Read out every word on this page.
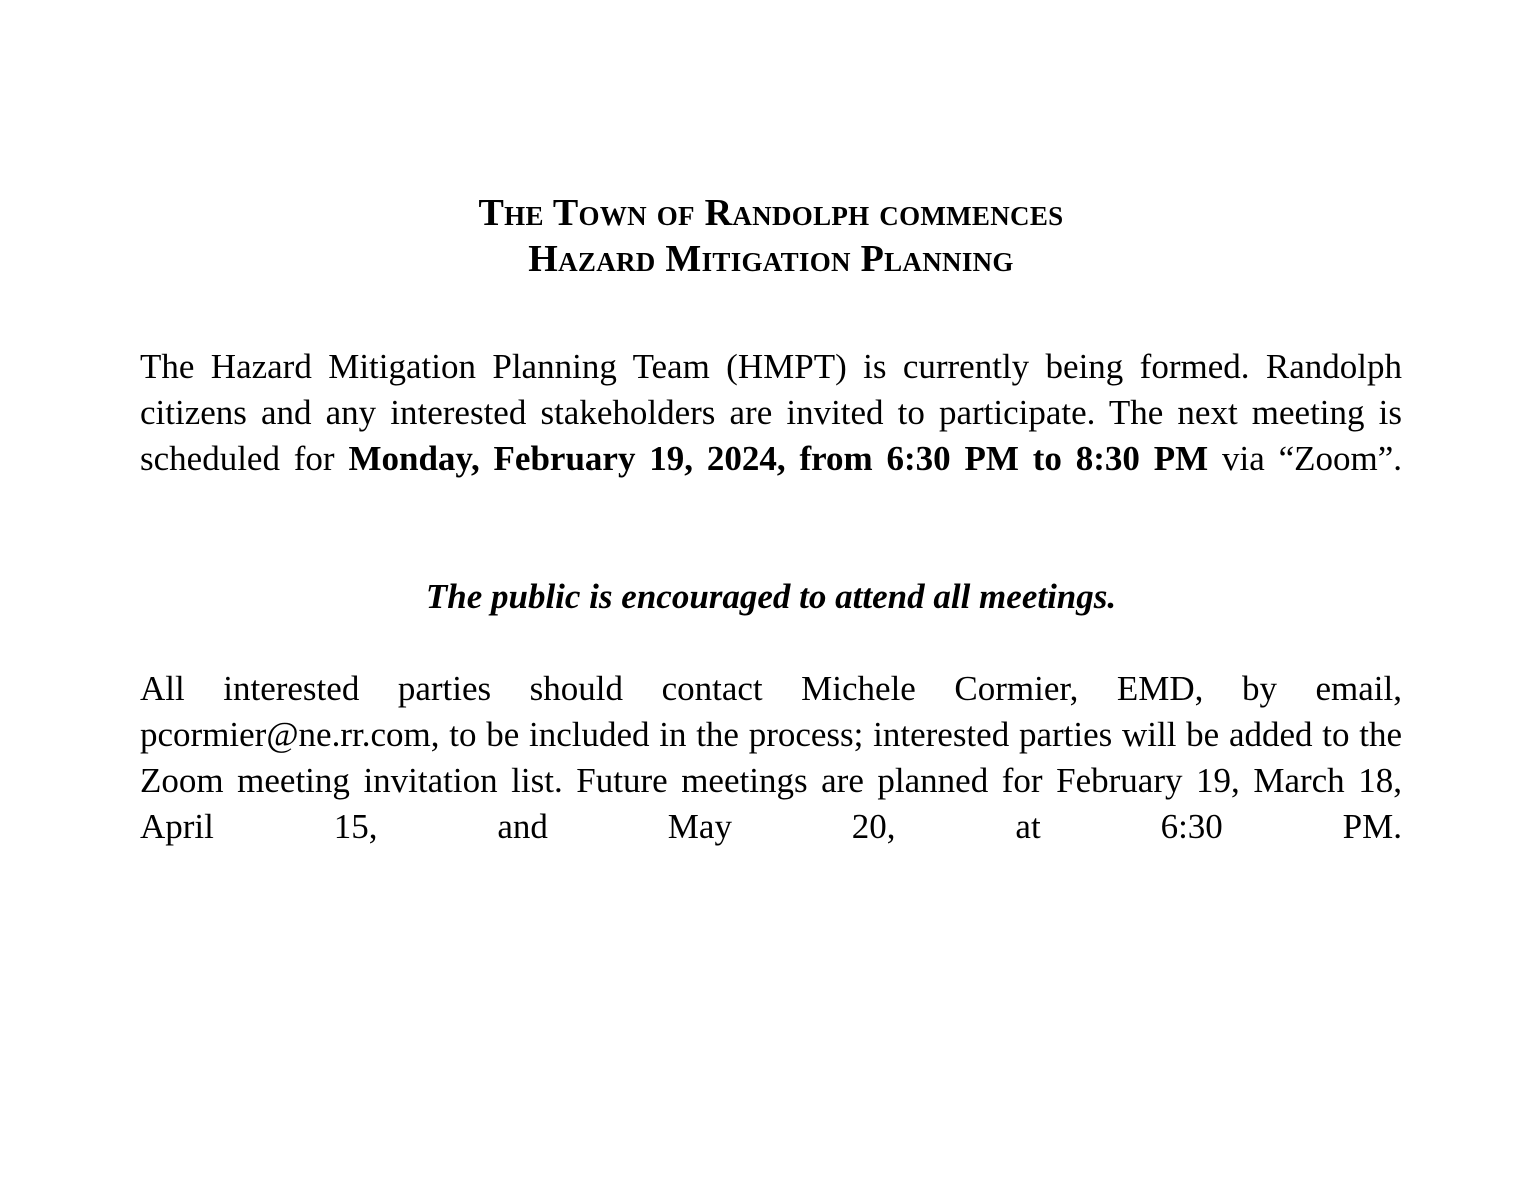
The Town of Randolph commences
Hazard Mitigation Planning

The Hazard Mitigation Planning Team (HMPT) is currently being formed. Randolph citizens and any interested stakeholders are invited to participate. The next meeting is scheduled for Monday, February 19, 2024, from 6:30 PM to 8:30 PM via “Zoom”.

The public is encouraged to attend all meetings.

All interested parties should contact Michele Cormier, EMD, by email, pcormier@ne.rr.com, to be included in the process; interested parties will be added to the Zoom meeting invitation list. Future meetings are planned for February 19, March 18, April 15, and May 20, at 6:30 PM.
